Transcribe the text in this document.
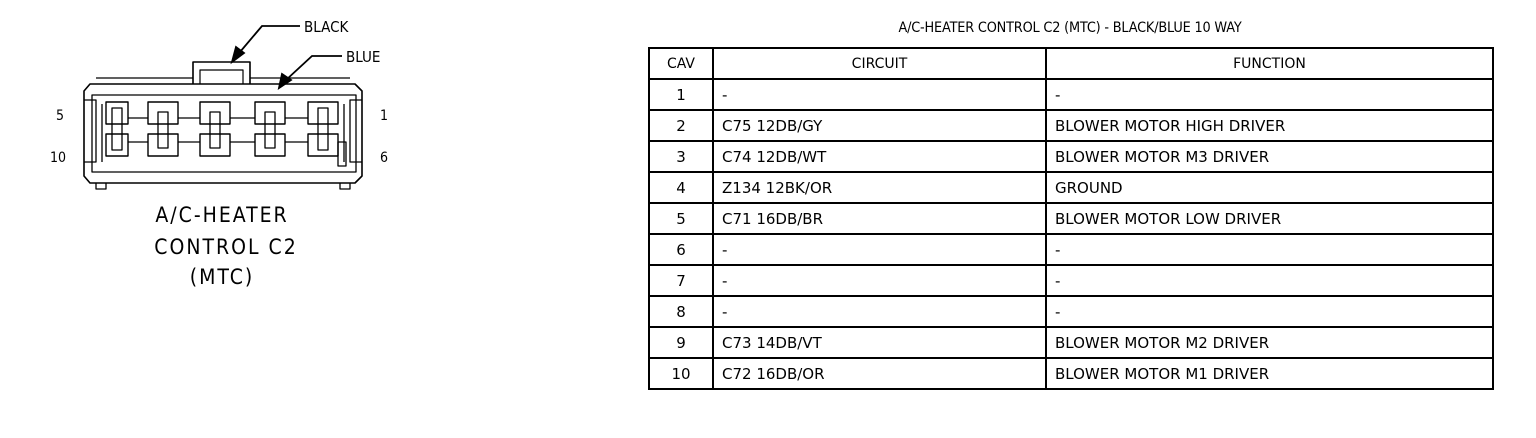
BLACK
BLUE
5	1
10	6
A/C-HEATER
CONTROL C2
(MTC)
A/C-HEATER CONTROL C2 (MTC) - BLACK/BLUE 10 WAY
CAV	CIRCUIT	FUNCTION
1	-	-
2	C75 12DB/GY	BLOWER MOTOR HIGH DRIVER
3	C74 12DB/WT	BLOWER MOTOR M3 DRIVER
4	Z134 12BK/OR	GROUND
5	C71 16DB/BR	BLOWER MOTOR LOW DRIVER
6	-	-
7	-	-
8	-	-
9	C73 14DB/VT	BLOWER MOTOR M2 DRIVER
10	C72 16DB/OR	BLOWER MOTOR M1 DRIVER
